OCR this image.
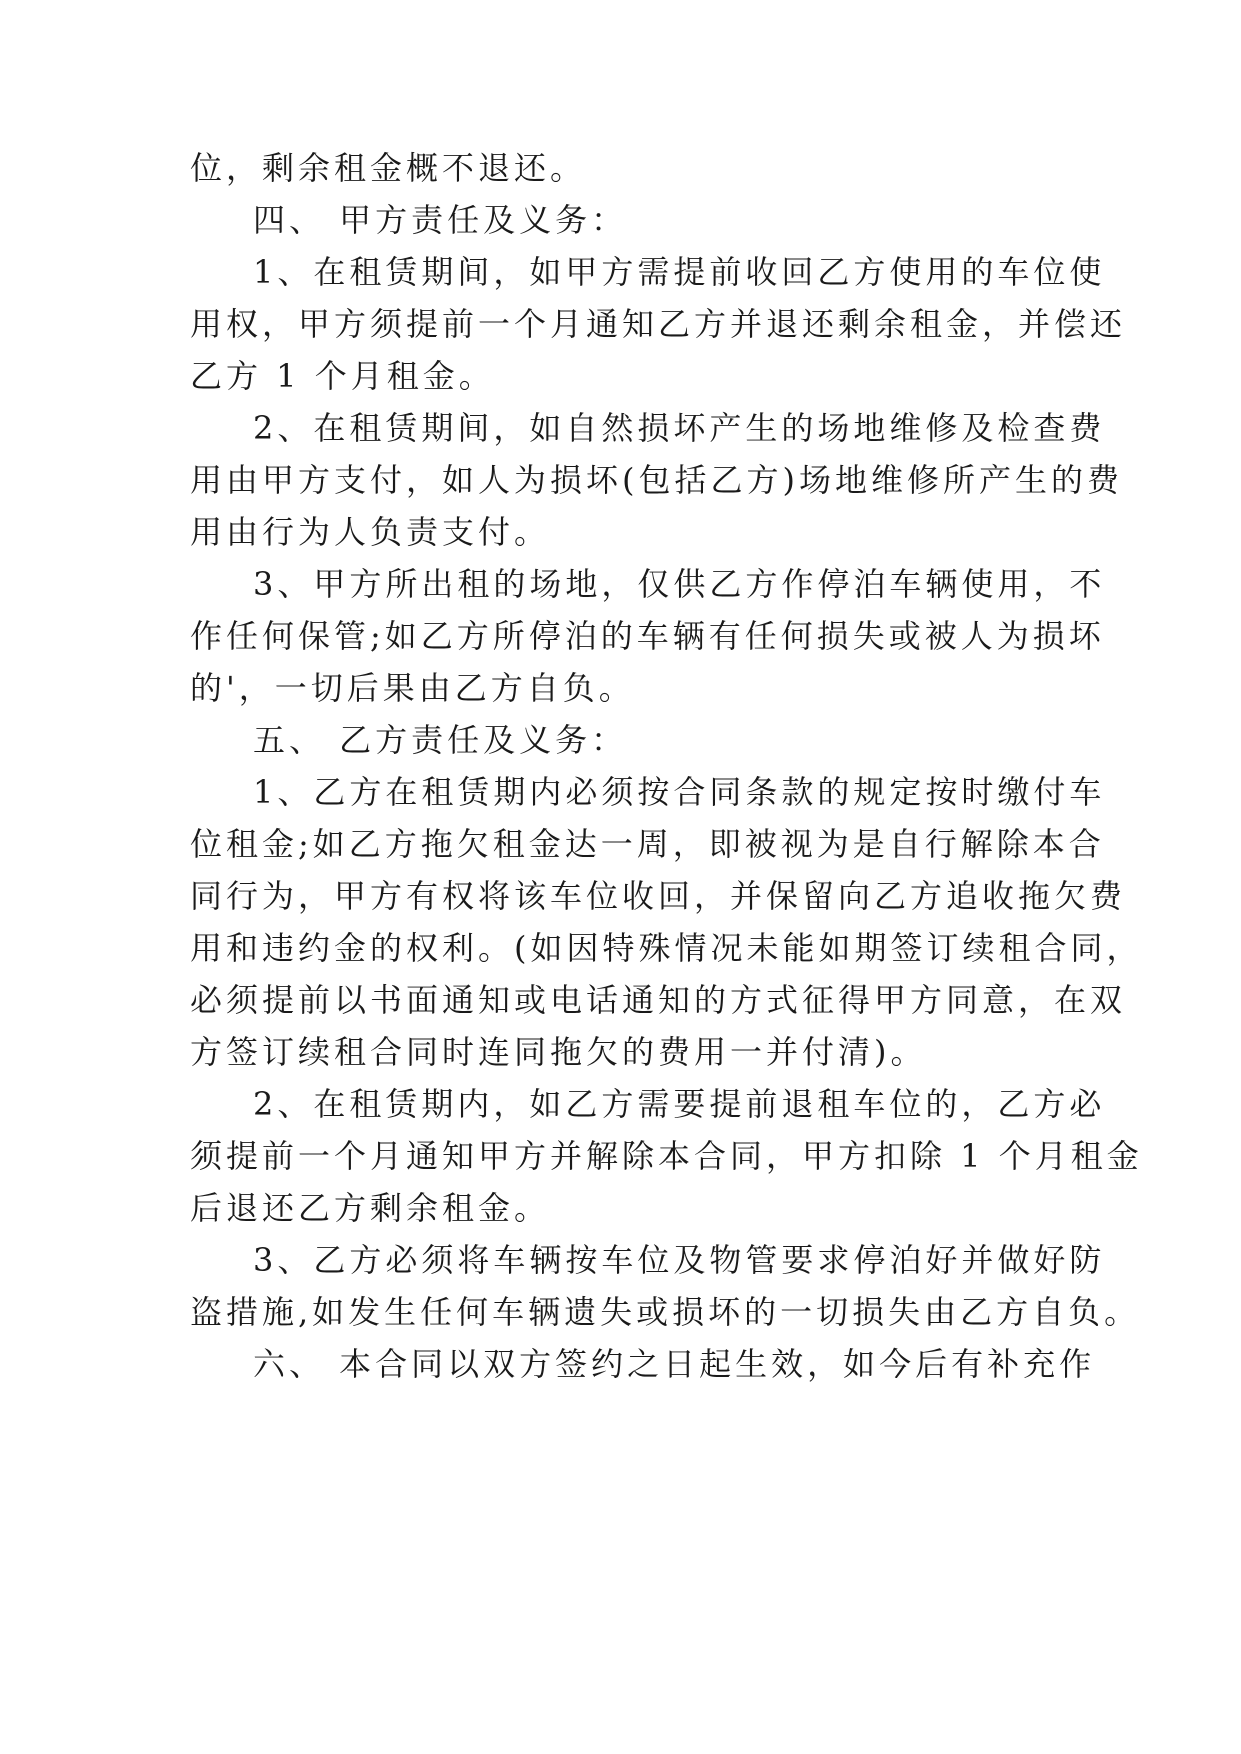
位，剩余租金概不退还。
四、 甲方责任及义务：
1、在租赁期间，如甲方需提前收回乙方使用的车位使
用权，甲方须提前一个月通知乙方并退还剩余租金，并偿还
乙方 1 个月租金。
2、在租赁期间，如自然损坏产生的场地维修及检查费
用由甲方支付，如人为损坏(包括乙方)场地维修所产生的费
用由行为人负责支付。
3、甲方所出租的场地，仅供乙方作停泊车辆使用，不
作任何保管;如乙方所停泊的车辆有任何损失或被人为损坏
的'，一切后果由乙方自负。
五、 乙方责任及义务：
1、乙方在租赁期内必须按合同条款的规定按时缴付车
位租金;如乙方拖欠租金达一周，即被视为是自行解除本合
同行为，甲方有权将该车位收回，并保留向乙方追收拖欠费
用和违约金的权利。(如因特殊情况未能如期签订续租合同，
必须提前以书面通知或电话通知的方式征得甲方同意，在双
方签订续租合同时连同拖欠的费用一并付清)。
2、在租赁期内，如乙方需要提前退租车位的，乙方必
须提前一个月通知甲方并解除本合同，甲方扣除 1 个月租金
后退还乙方剩余租金。
3、乙方必须将车辆按车位及物管要求停泊好并做好防
盗措施,如发生任何车辆遗失或损坏的一切损失由乙方自负。
六、 本合同以双方签约之日起生效，如今后有补充作
